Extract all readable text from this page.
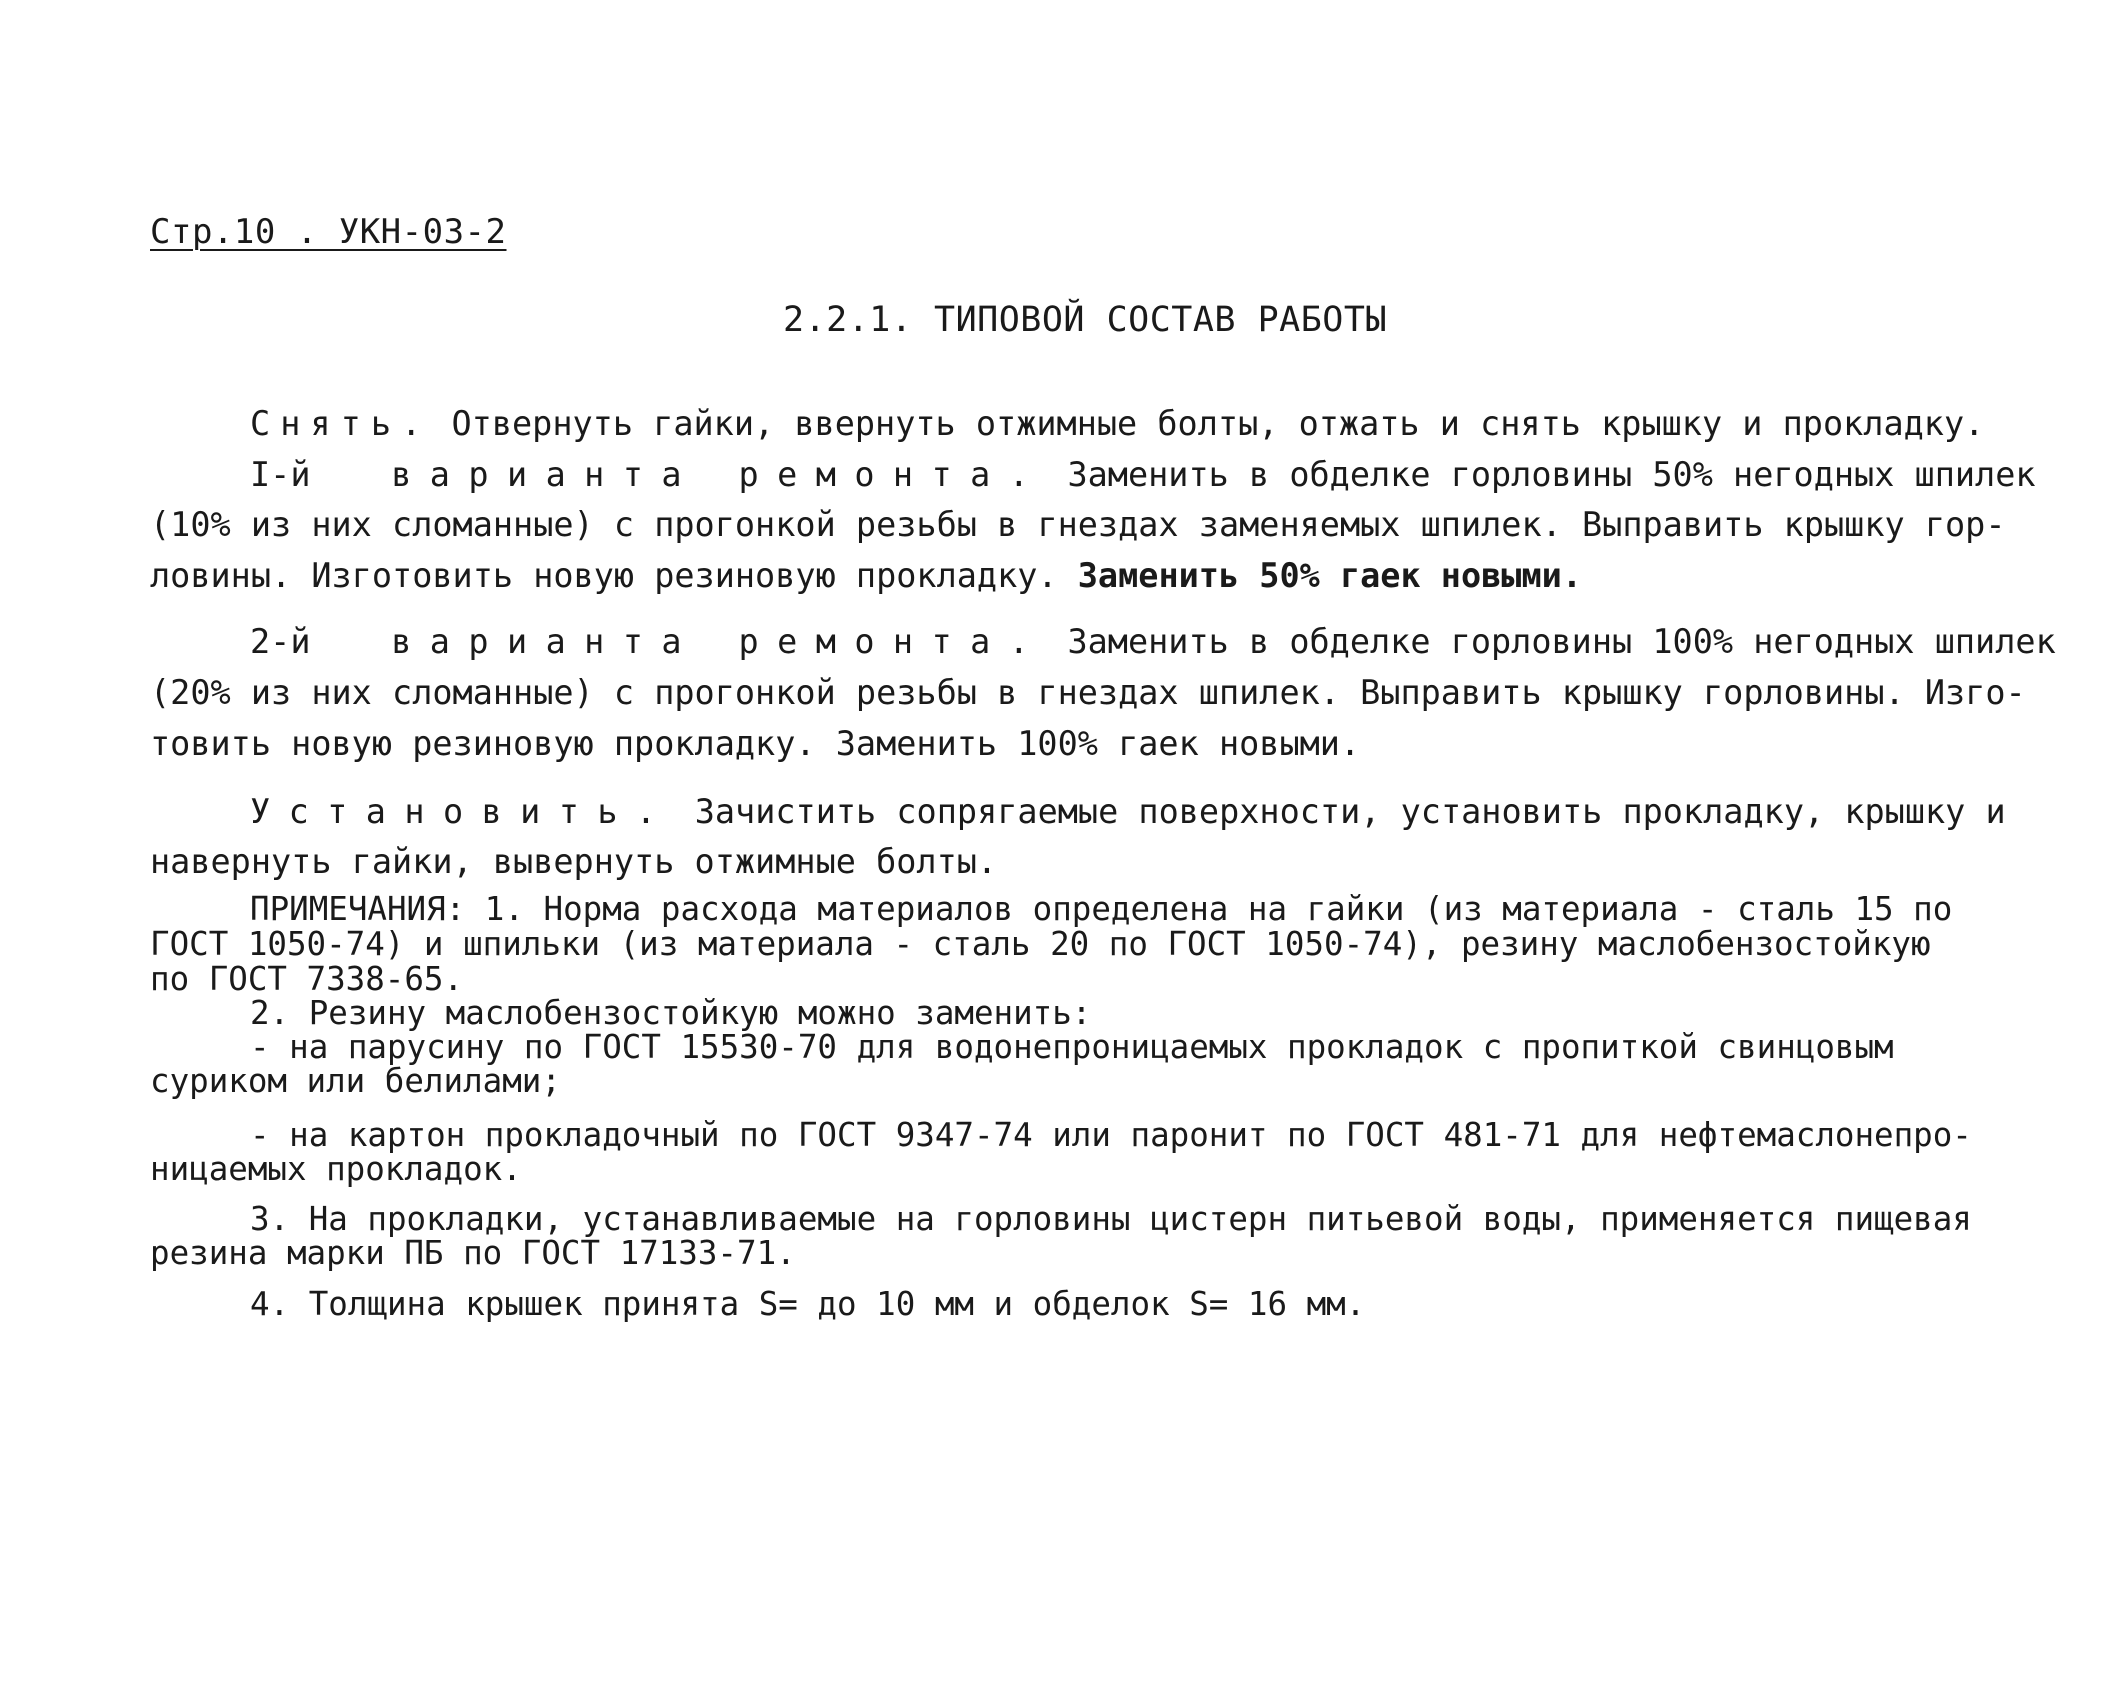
Стр.10 . УКН-03-2
2.2.1. ТИПОВОЙ СОСТАВ РАБОТЫ
Снять. Отвернуть гайки, ввернуть отжимные болты, отжать и снять крышку и прокладку.
I-й варианта ремонта. Заменить в обделке горловины 50% негодных шпилек
(10% из них сломанные) с прогонкой резьбы в гнездах заменяемых шпилек. Выправить крышку гор-
ловины. Изготовить новую резиновую прокладку. Заменить 50% гаек новыми.
2-й варианта ремонта. Заменить в обделке горловины 100% негодных шпилек
(20% из них сломанные) с прогонкой резьбы в гнездах шпилек. Выправить крышку горловины. Изго-
товить новую резиновую прокладку. Заменить 100% гаек новыми.
Установить. Зачистить сопрягаемые поверхности, установить прокладку, крышку и
навернуть гайки, вывернуть отжимные болты.
ПРИМЕЧАНИЯ: 1. Норма расхода материалов определена на гайки (из материала - сталь 15 по
ГОСТ 1050-74) и шпильки (из материала - сталь 20 по ГОСТ 1050-74), резину маслобензостойкую
по ГОСТ 7338-65.
2. Резину маслобензостойкую можно заменить:
- на парусину по ГОСТ 15530-70 для водонепроницаемых прокладок с пропиткой свинцовым
суриком или белилами;
- на картон прокладочный по ГОСТ 9347-74 или паронит по ГОСТ 481-71 для нефтемаслонепро-
ницаемых прокладок.
3. На прокладки, устанавливаемые на горловины цистерн питьевой воды, применяется пищевая
резина марки ПБ по ГОСТ 17133-71.
4. Толщина крышек принята S= до 10 мм и обделок S= 16 мм.
